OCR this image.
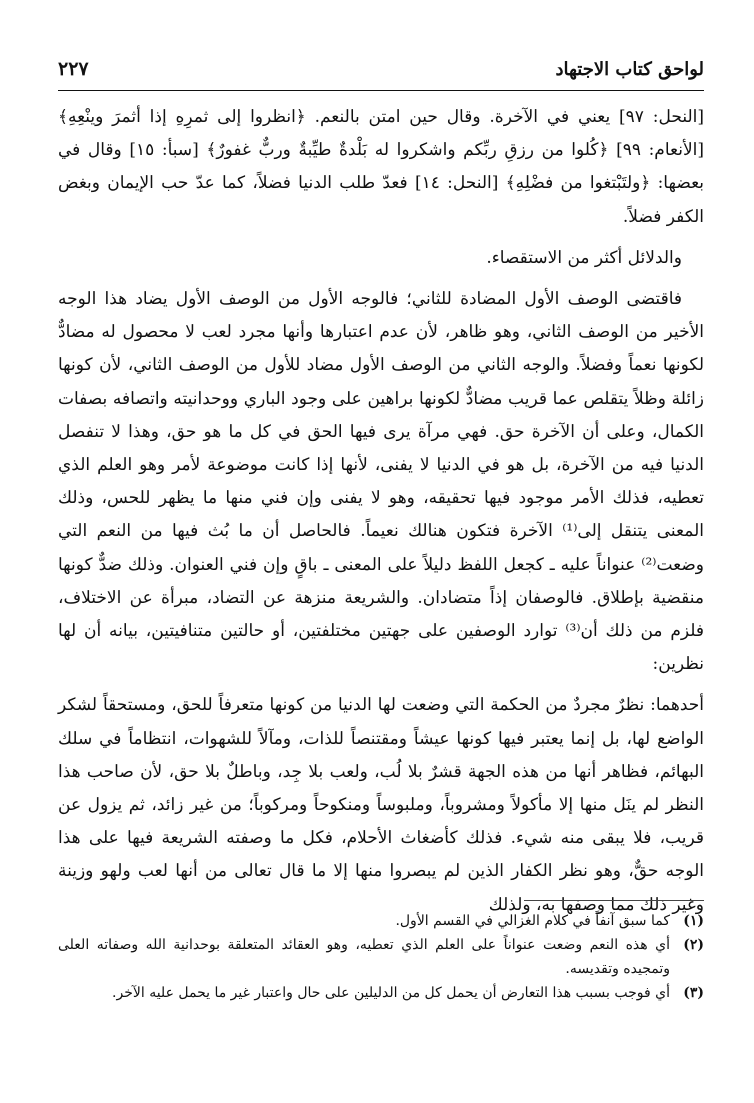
لواحق كتاب الاجتهاد
٢٢٧

[النحل: ٩٧] يعني في الآخرة. وقال حين امتن بالنعم. ﴿انظروا إلى ثمرِهِ إذا أثمرَ وينْعِهِ﴾ [الأنعام: ٩٩] ﴿كُلوا من رزقِ ربِّكم واشكروا له بَلْدةٌ طيِّبةٌ وربٌّ غفورٌ﴾ [سبأ: ١٥] وقال في بعضها: ﴿ولتَبْتغوا من فضْلِهِ﴾ [النحل: ١٤] فعدّ طلب الدنيا فضلاً، كما عدّ حب الإيمان وبغض الكفر فضلاً.

والدلائل أكثر من الاستقصاء.

فاقتضى الوصف الأول المضادة للثاني؛ فالوجه الأول من الوصف الأول يضاد هذا الوجه الأخير من الوصف الثاني، وهو ظاهر، لأن عدم اعتبارها وأنها مجرد لعب لا محصول له مضادٌّ لكونها نعماً وفضلاً. والوجه الثاني من الوصف الأول مضاد للأول من الوصف الثاني، لأن كونها زائلة وظلاً يتقلص عما قريب مضادٌّ لكونها براهين على وجود الباري ووحدانيته واتصافه بصفات الكمال، وعلى أن الآخرة حق. فهي مرآة يرى فيها الحق في كل ما هو حق، وهذا لا تنفصل الدنيا فيه من الآخرة، بل هو في الدنيا لا يفنى، لأنها إذا كانت موضوعة لأمر وهو العلم الذي تعطيه، فذلك الأمر موجود فيها تحقيقه، وهو لا يفنى وإن فني منها ما يظهر للحس، وذلك المعنى يتنقل إلى⁽¹⁾ الآخرة فتكون هنالك نعيماً. فالحاصل أن ما بُث فيها من النعم التي وضعت⁽²⁾ عنواناً عليه ـ كجعل اللفظ دليلاً على المعنى ـ باقٍ وإن فني العنوان. وذلك ضدٌّ كونها منقضية بإطلاق. فالوصفان إذاً متضادان. والشريعة منزهة عن التضاد، مبرأة عن الاختلاف، فلزم من ذلك أن⁽³⁾ توارد الوصفين على جهتين مختلفتين، أو حالتين متنافيتين، بيانه أن لها نظرين:

أحدهما: نظرٌ مجردٌ من الحكمة التي وضعت لها الدنيا من كونها متعرفاً للحق، ومستحقاً لشكر الواضع لها، بل إنما يعتبر فيها كونها عيشاً ومقتنصاً للذات، ومآلاً للشهوات، انتظاماً في سلك البهائم، فظاهر أنها من هذه الجهة قشرٌ بلا لُب، ولعب بلا جِد، وباطلٌ بلا حق، لأن صاحب هذا النظر لم ينَل منها إلا مأكولاً ومشروباً، وملبوساً ومنكوحاً ومركوباً؛ من غير زائد، ثم يزول عن قريب، فلا يبقى منه شيء. فذلك كأضغاث الأحلام، فكل ما وصفته الشريعة فيها على هذا الوجه حقٌّ، وهو نظر الكفار الذين لم يبصروا منها إلا ما قال تعالى من أنها لعب ولهو وزينة وغير ذلك مما وصفها به، ولذلك

(١)
كما سبق آنفاً في كلام الغزالي في القسم الأول.
(٢)
أي هذه النعم وضعت عنواناً على العلم الذي تعطيه، وهو العقائد المتعلقة بوحدانية الله وصفاته العلى وتمجيده وتقديسه.
(٣)
أي فوجب بسبب هذا التعارض أن يحمل كل من الدليلين على حال واعتبار غير ما يحمل عليه الآخر.
